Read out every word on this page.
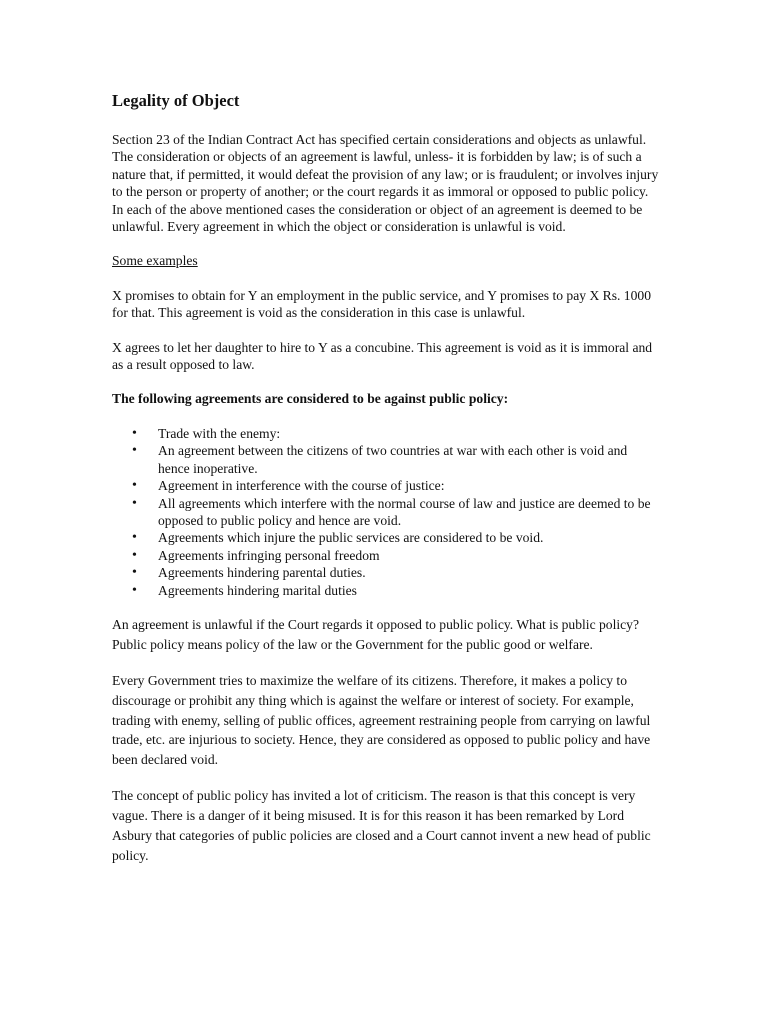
Legality of Object

Section 23 of the Indian Contract Act has specified certain considerations and objects as unlawful. The consideration or objects of an agreement is lawful, unless- it is forbidden by law; is of such a nature that, if permitted, it would defeat the provision of any law; or is fraudulent; or involves injury to the person or property of another; or the court regards it as immoral or opposed to public policy.

In each of the above mentioned cases the consideration or object of an agreement is deemed to be unlawful. Every agreement in which the object or consideration is unlawful is void.

Some examples

X promises to obtain for Y an employment in the public service, and Y promises to pay X Rs. 1000 for that. This agreement is void as the consideration in this case is unlawful.

X agrees to let her daughter to hire to Y as a concubine. This agreement is void as it is immoral and as a result opposed to law.

The following agreements are considered to be against public policy:

• Trade with the enemy:
• An agreement between the citizens of two countries at war with each other is void and hence inoperative.
• Agreement in interference with the course of justice:
• All agreements which interfere with the normal course of law and justice are deemed to be opposed to public policy and hence are void.
• Agreements which injure the public services are considered to be void.
• Agreements infringing personal freedom
• Agreements hindering parental duties.
• Agreements hindering marital duties

An agreement is unlawful if the Court regards it opposed to public policy. What is public policy? Public policy means policy of the law or the Government for the public good or welfare.

Every Government tries to maximize the welfare of its citizens. Therefore, it makes a policy to discourage or prohibit any thing which is against the welfare or interest of society. For example, trading with enemy, selling of public offices, agreement restraining people from carrying on lawful trade, etc. are injurious to society. Hence, they are considered as opposed to public policy and have been declared void.

The concept of public policy has invited a lot of criticism. The reason is that this concept is very vague. There is a danger of it being misused. It is for this reason it has been remarked by Lord Asbury that categories of public policies are closed and a Court cannot invent a new head of public policy.
